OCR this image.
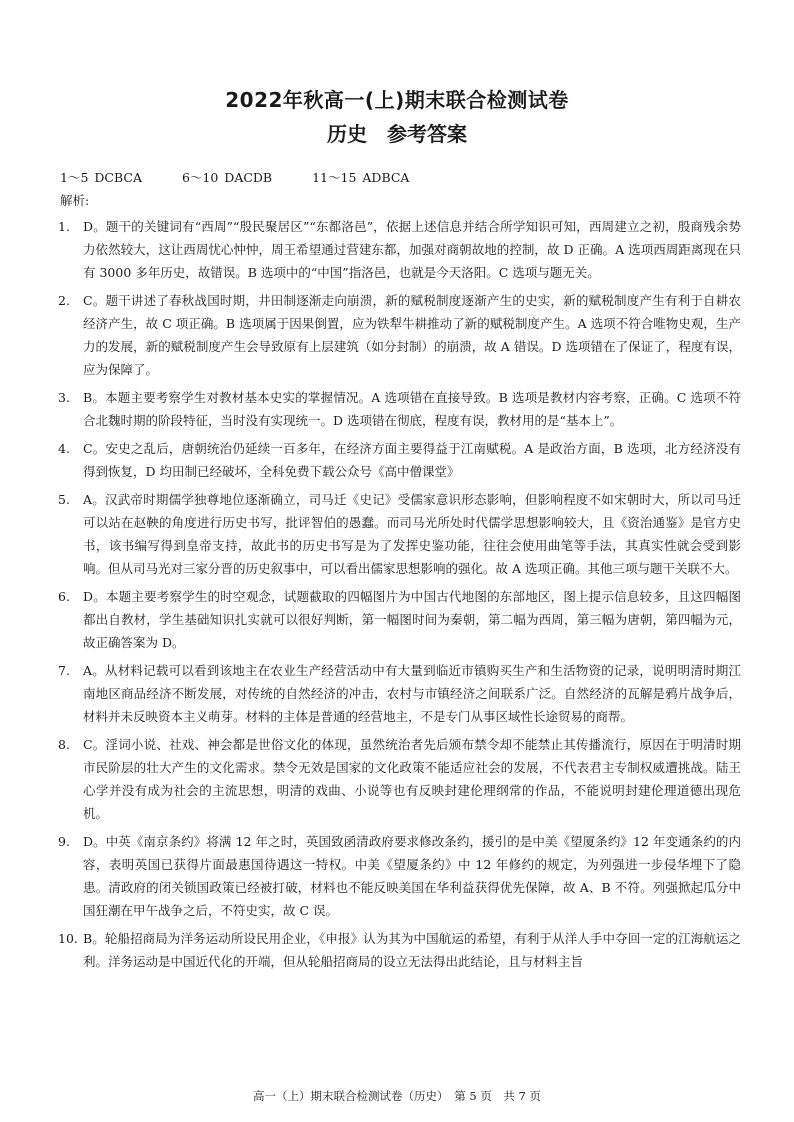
2022年秋高一(上)期末联合检测试卷
历史　参考答案
1～5 DCBCA	6～10 DACDB	11～15 ADBCA
解析:
1. D。题干的关键词有“西周”“殷民聚居区”“东都洛邑”，依据上述信息并结合所学知识可知，西周建立之初，殷商残余势力依然较大，这让西周忧心忡忡，周王希望通过营建东都，加强对商朝故地的控制，故 D 正确。A 选项西周距离现在只有 3000 多年历史，故错误。B 选项中的“中国”指洛邑，也就是今天洛阳。C 选项与题无关。
2. C。题干讲述了春秋战国时期，井田制逐渐走向崩溃，新的赋税制度逐渐产生的史实，新的赋税制度产生有利于自耕农经济产生，故 C 项正确。B 选项属于因果倒置，应为铁犁牛耕推动了新的赋税制度产生。A 选项不符合唯物史观，生产力的发展，新的赋税制度产生会导致原有上层建筑（如分封制）的崩溃，故 A 错误。D 选项错在了保证了，程度有误，应为保障了。
3. B。本题主要考察学生对教材基本史实的掌握情况。A 选项错在直接导致。B 选项是教材内容考察，正确。C 选项不符合北魏时期的阶段特征，当时没有实现统一。D 选项错在彻底，程度有误，教材用的是“基本上”。
4. C。安史之乱后，唐朝统治仍延续一百多年，在经济方面主要得益于江南赋税。A 是政治方面，B 选项，北方经济没有得到恢复，D 均田制已经破坏，全科免费下载公众号《高中僧课堂》
5. A。汉武帝时期儒学独尊地位逐渐确立，司马迁《史记》受儒家意识形态影响，但影响程度不如宋朝时大，所以司马迁可以站在赵鞅的角度进行历史书写，批评智伯的愚蠢。而司马光所处时代儒学思想影响较大，且《资治通鉴》是官方史书，该书编写得到皇帝支持，故此书的历史书写是为了发挥史鉴功能，往往会使用曲笔等手法，其真实性就会受到影响。但从司马光对三家分晋的历史叙事中，可以看出儒家思想影响的强化。故 A 选项正确。其他三项与题干关联不大。
6. D。本题主要考察学生的时空观念，试题截取的四幅图片为中国古代地图的东部地区，图上提示信息较多，且这四幅图都出自教材，学生基础知识扎实就可以很好判断，第一幅图时间为秦朝，第二幅为西周，第三幅为唐朝，第四幅为元，故正确答案为 D。
7. A。从材料记载可以看到该地主在农业生产经营活动中有大量到临近市镇购买生产和生活物资的记录，说明明清时期江南地区商品经济不断发展，对传统的自然经济的冲击，农村与市镇经济之间联系广泛。自然经济的瓦解是鸦片战争后，材料并未反映资本主义萌芽。材料的主体是普通的经营地主，不是专门从事区域性长途贸易的商帮。
8. C。淫词小说、社戏、神会都是世俗文化的体现，虽然统治者先后颁布禁令却不能禁止其传播流行，原因在于明清时期市民阶层的壮大产生的文化需求。禁令无效是国家的文化政策不能适应社会的发展，不代表君主专制权威遭挑战。陆王心学并没有成为社会的主流思想，明清的戏曲、小说等也有反映封建伦理纲常的作品，不能说明封建伦理道德出现危机。
9. D。中英《南京条约》将满 12 年之时，英国致函清政府要求修改条约，援引的是中美《望厦条约》12 年变通条约的内容，表明英国已获得片面最惠国待遇这一特权。中美《望厦条约》中 12 年修约的规定，为列强进一步侵华埋下了隐患。清政府的闭关锁国政策已经被打破，材料也不能反映美国在华利益获得优先保障，故 A、B 不符。列强掀起瓜分中国狂潮在甲午战争之后，不符史实，故 C 误。
10. B。轮船招商局为洋务运动所设民用企业，《申报》认为其为中国航运的希望，有利于从洋人手中夺回一定的江海航运之利。洋务运动是中国近代化的开端，但从轮船招商局的设立无法得出此结论，且与材料主旨
高一（上）期末联合检测试卷（历史）　第 5 页　共 7 页
